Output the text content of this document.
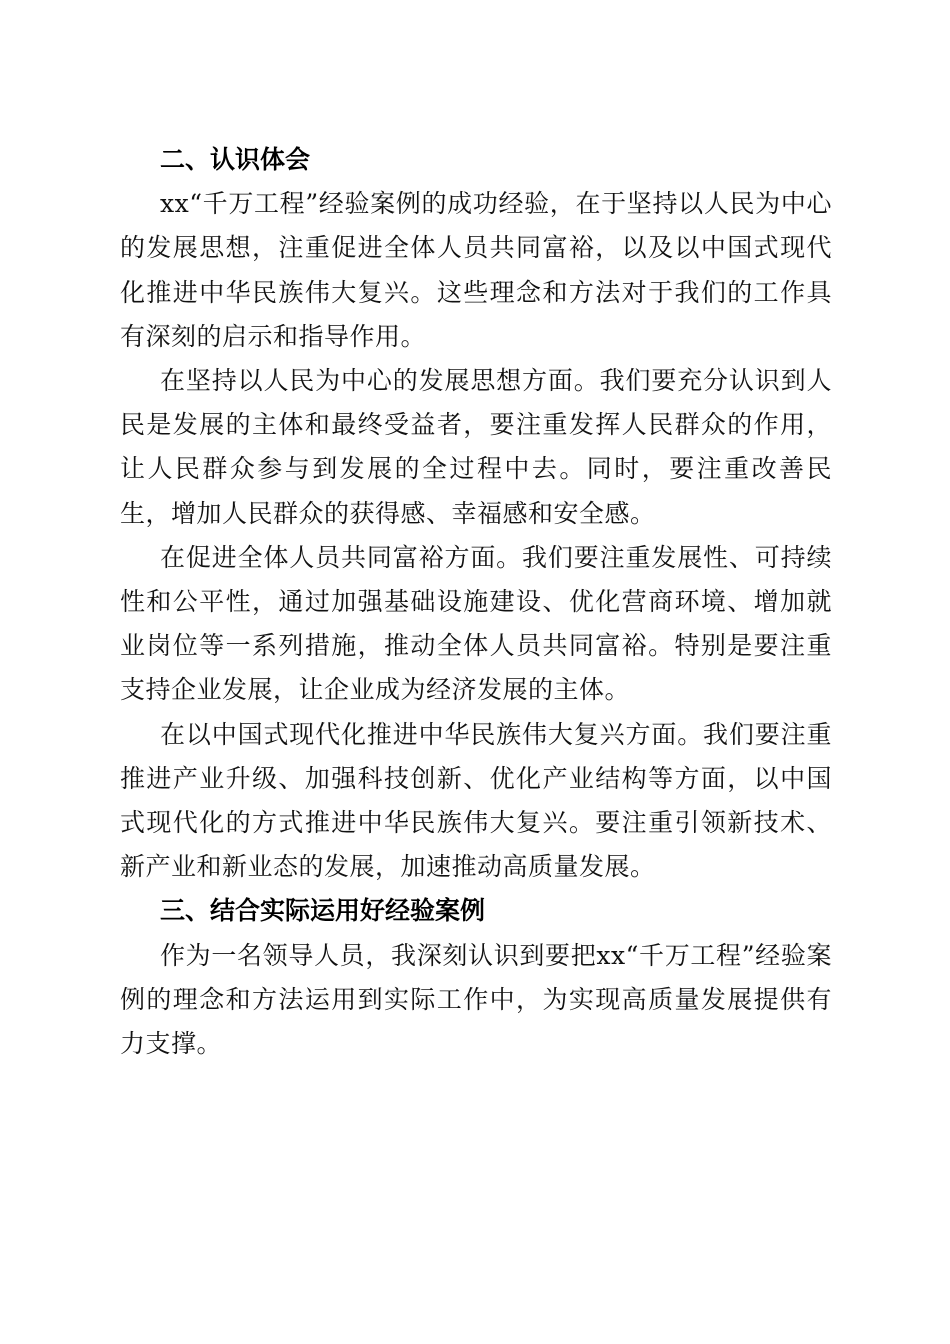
二、认识体会

xx“千万工程”经验案例的成功经验，在于坚持以人民为中心的发展思想，注重促进全体人员共同富裕，以及以中国式现代化推进中华民族伟大复兴。这些理念和方法对于我们的工作具有深刻的启示和指导作用。

在坚持以人民为中心的发展思想方面。我们要充分认识到人民是发展的主体和最终受益者，要注重发挥人民群众的作用，让人民群众参与到发展的全过程中去。同时，要注重改善民生，增加人民群众的获得感、幸福感和安全感。

在促进全体人员共同富裕方面。我们要注重发展性、可持续性和公平性，通过加强基础设施建设、优化营商环境、增加就业岗位等一系列措施，推动全体人员共同富裕。特别是要注重支持企业发展，让企业成为经济发展的主体。

在以中国式现代化推进中华民族伟大复兴方面。我们要注重推进产业升级、加强科技创新、优化产业结构等方面，以中国式现代化的方式推进中华民族伟大复兴。要注重引领新技术、新产业和新业态的发展，加速推动高质量发展。

三、结合实际运用好经验案例

作为一名领导人员，我深刻认识到要把xx“千万工程”经验案例的理念和方法运用到实际工作中，为实现高质量发展提供有力支撑。
